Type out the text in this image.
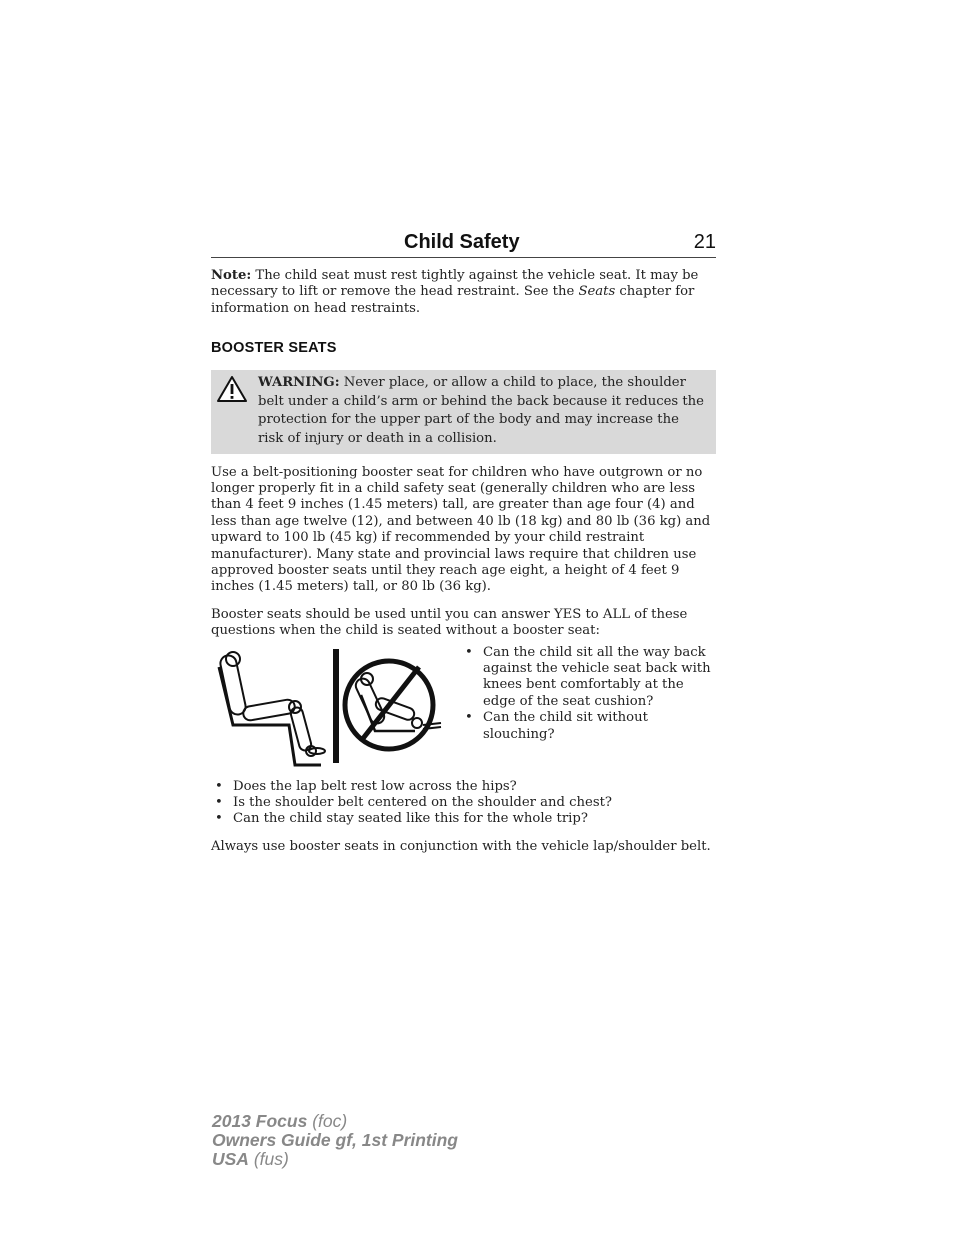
Child Safety	21

Note: The child seat must rest tightly against the vehicle seat. It may be necessary to lift or remove the head restraint. See the Seats chapter for information on head restraints.

BOOSTER SEATS

WARNING: Never place, or allow a child to place, the shoulder belt under a child’s arm or behind the back because it reduces the protection for the upper part of the body and may increase the risk of injury or death in a collision.

Use a belt-positioning booster seat for children who have outgrown or no longer properly fit in a child safety seat (generally children who are less than 4 feet 9 inches (1.45 meters) tall, are greater than age four (4) and less than age twelve (12), and between 40 lb (18 kg) and 80 lb (36 kg) and upward to 100 lb (45 kg) if recommended by your child restraint manufacturer). Many state and provincial laws require that children use approved booster seats until they reach age eight, a height of 4 feet 9 inches (1.45 meters) tall, or 80 lb (36 kg).

Booster seats should be used until you can answer YES to ALL of these questions when the child is seated without a booster seat:

• Can the child sit all the way back against the vehicle seat back with knees bent comfortably at the edge of the seat cushion?
• Can the child sit without slouching?
• Does the lap belt rest low across the hips?
• Is the shoulder belt centered on the shoulder and chest?
• Can the child stay seated like this for the whole trip?

Always use booster seats in conjunction with the vehicle lap/shoulder belt.

2013 Focus (foc)
Owners Guide gf, 1st Printing
USA (fus)
